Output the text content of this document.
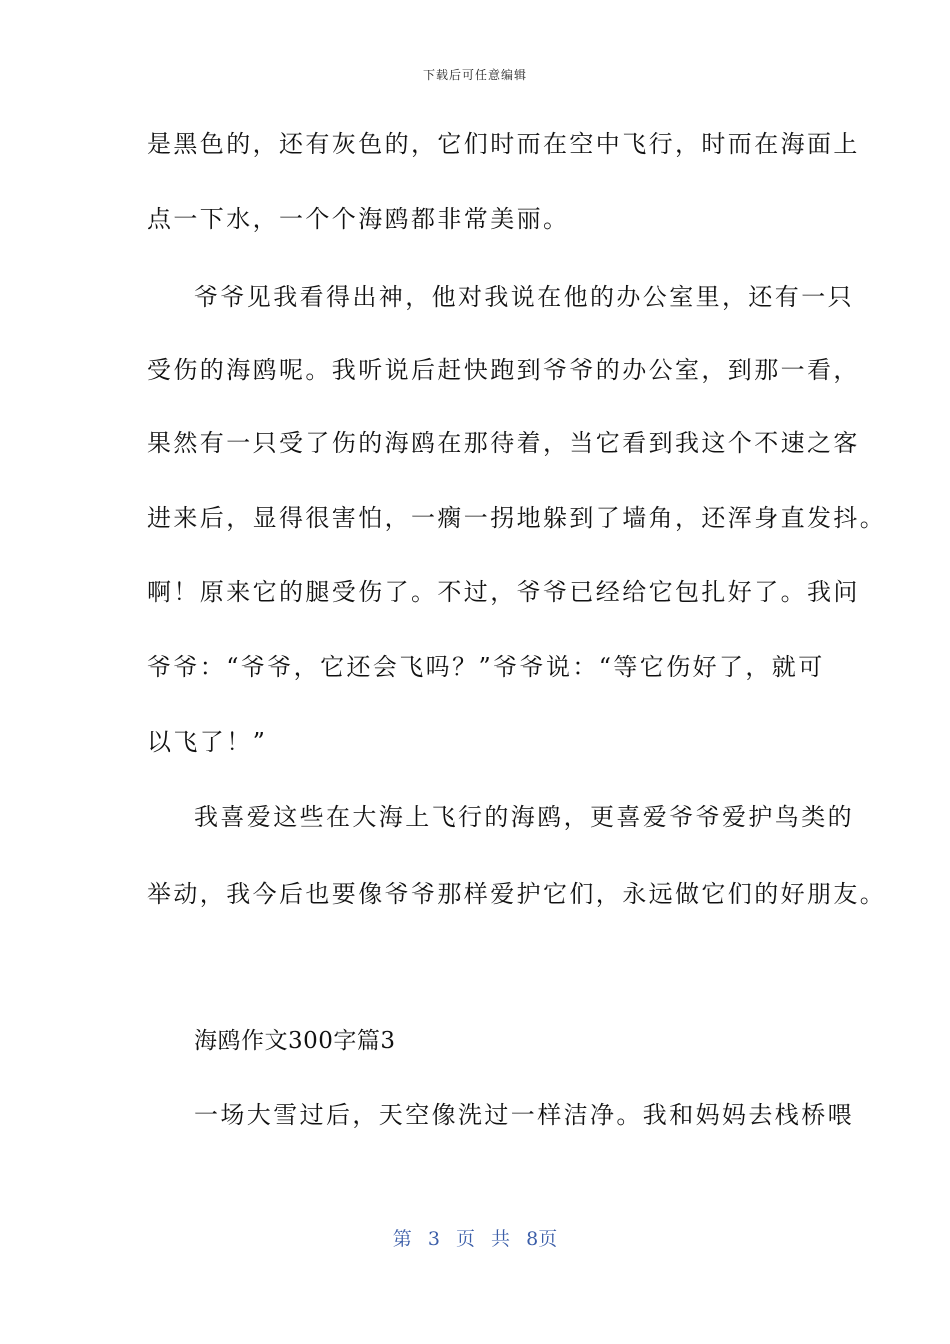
下载后可任意编辑
是黑色的，还有灰色的，它们时而在空中飞行，时而在海面上
点一下水，一个个海鸥都非常美丽。
爷爷见我看得出神，他对我说在他的办公室里，还有一只
受伤的海鸥呢。我听说后赶快跑到爷爷的办公室，到那一看，
果然有一只受了伤的海鸥在那待着，当它看到我这个不速之客
进来后，显得很害怕，一瘸一拐地躲到了墙角，还浑身直发抖。
啊！原来它的腿受伤了。不过，爷爷已经给它包扎好了。我问
爷爷：“爷爷，它还会飞吗？”爷爷说：“等它伤好了，就可
以飞了！”
我喜爱这些在大海上飞行的海鸥，更喜爱爷爷爱护鸟类的
举动，我今后也要像爷爷那样爱护它们，永远做它们的好朋友。
海鸥作文300字篇3
一场大雪过后，天空像洗过一样洁净。我和妈妈去栈桥喂
第 3 页 共 8页
